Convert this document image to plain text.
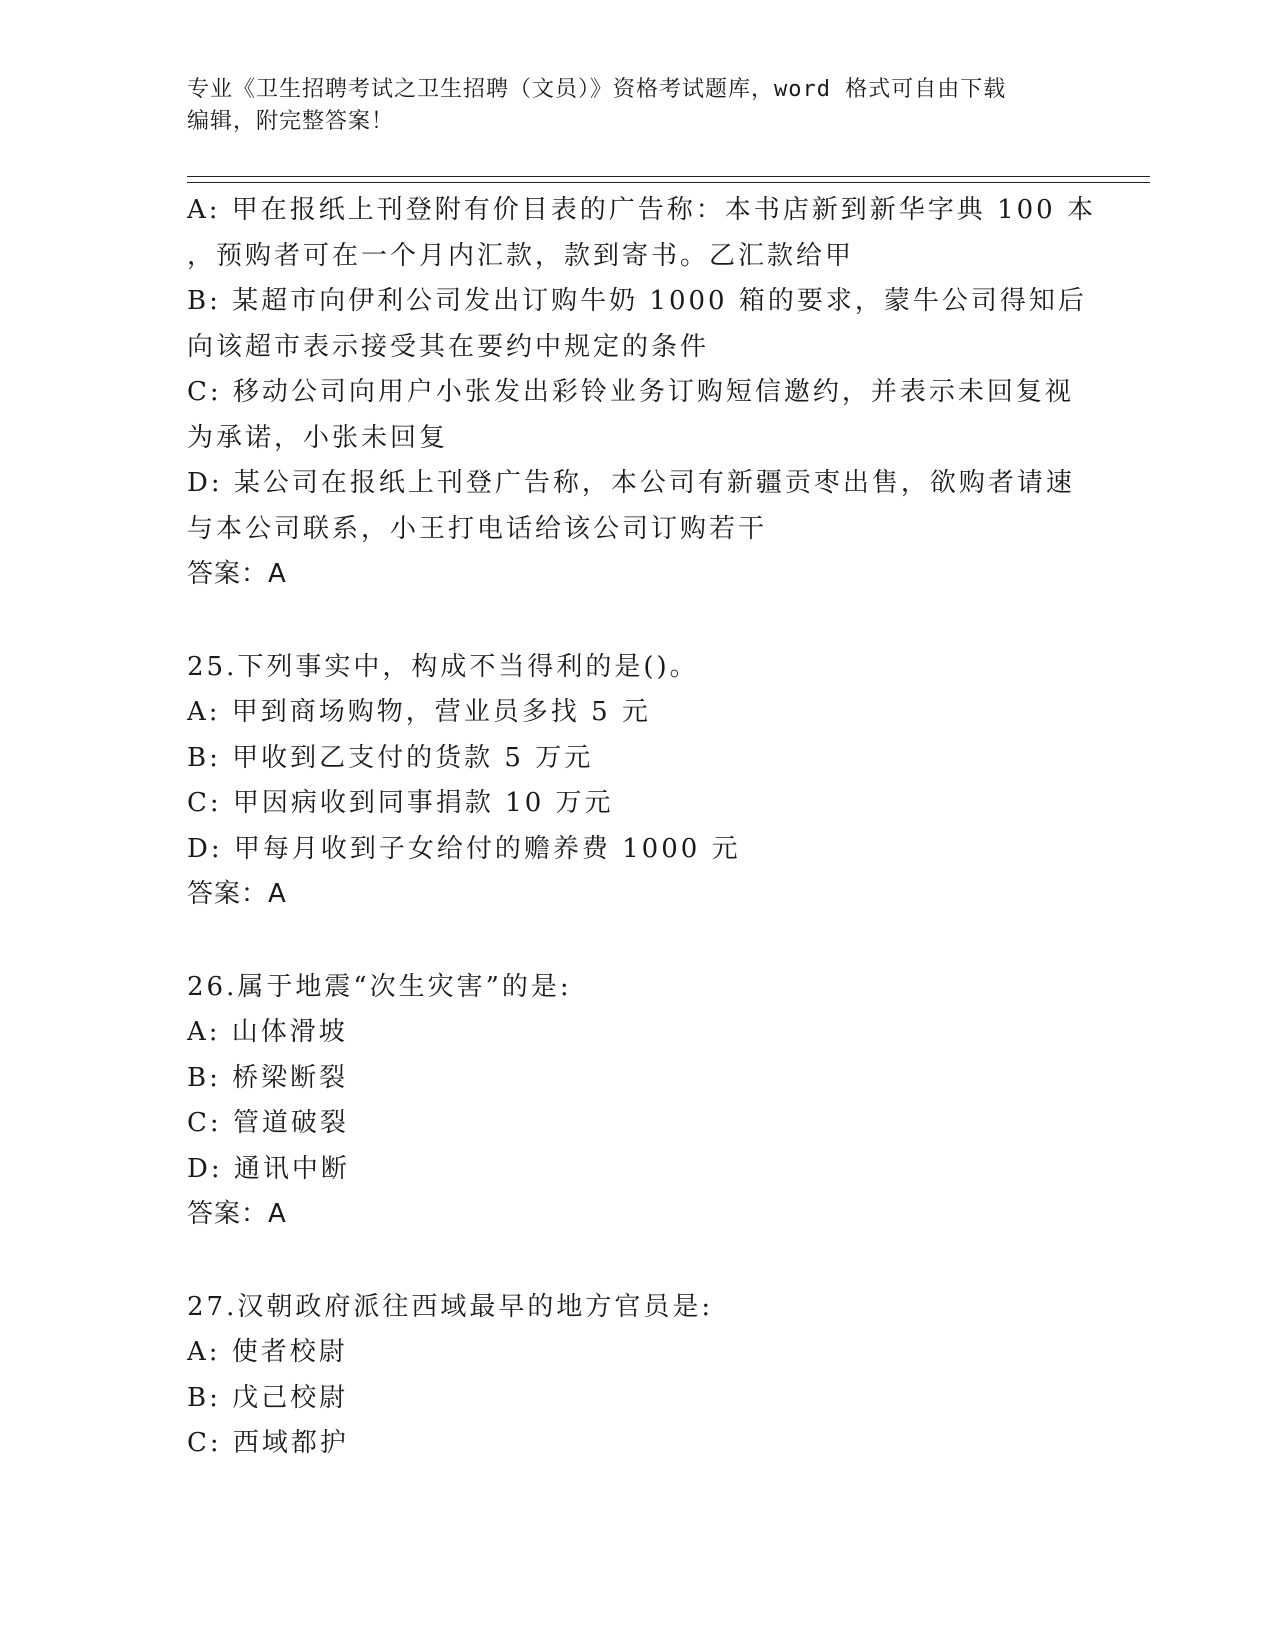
专业《卫生招聘考试之卫生招聘（文员）》资格考试题库，word 格式可自由下载
编辑，附完整答案！
A: 甲在报纸上刊登附有价目表的广告称：本书店新到新华字典 100 本
，预购者可在一个月内汇款，款到寄书。乙汇款给甲
B: 某超市向伊利公司发出订购牛奶 1000 箱的要求，蒙牛公司得知后
向该超市表示接受其在要约中规定的条件
C: 移动公司向用户小张发出彩铃业务订购短信邀约，并表示未回复视
为承诺，小张未回复
D: 某公司在报纸上刊登广告称，本公司有新疆贡枣出售，欲购者请速
与本公司联系，小王打电话给该公司订购若干
答案：A
25.下列事实中，构成不当得利的是()。
A: 甲到商场购物，营业员多找 5 元
B: 甲收到乙支付的货款 5 万元
C: 甲因病收到同事捐款 10 万元
D: 甲每月收到子女给付的赡养费 1000 元
答案：A
26.属于地震“次生灾害”的是:
A: 山体滑坡
B: 桥梁断裂
C: 管道破裂
D: 通讯中断
答案：A
27.汉朝政府派往西域最早的地方官员是:
A: 使者校尉
B: 戊己校尉
C: 西域都护
